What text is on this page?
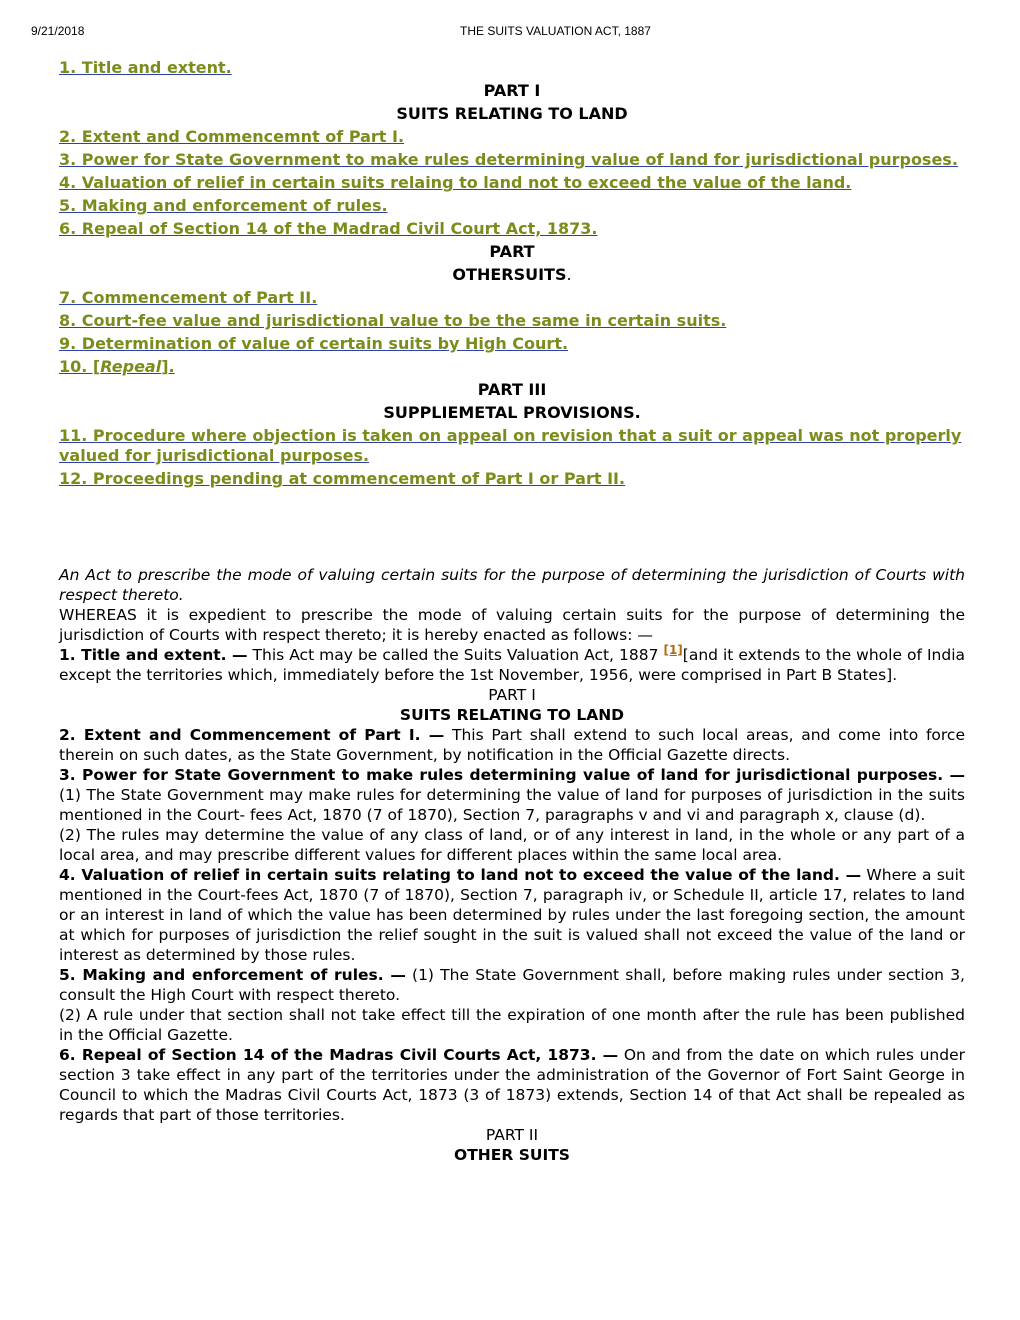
9/21/2018	THE SUITS VALUATION ACT, 1887
1. Title and extent.
PART I
SUITS RELATING TO LAND
2. Extent and Commencemnt of Part I.
3. Power for State Government to make rules determining value of land for jurisdictional purposes.
4. Valuation of relief in certain suits relaing to land not to exceed the value of the land.
5. Making and enforcement of rules.
6. Repeal of Section 14 of the Madrad Civil Court Act, 1873.
PART
OTHERSUITS.
7. Commencement of Part II.
8. Court-fee value and jurisdictional value to be the same in certain suits.
9. Determination of value of certain suits by High Court.
10. [Repeal].
PART III
SUPPLIEMETAL PROVISIONS.
11. Procedure where objection is taken on appeal on revision that a suit or appeal was not properly valued for jurisdictional purposes.
12. Proceedings pending at commencement of Part I or Part II.

An Act to prescribe the mode of valuing certain suits for the purpose of determining the jurisdiction of Courts with respect thereto.

WHEREAS it is expedient to prescribe the mode of valuing certain suits for the purpose of determining the jurisdiction of Courts with respect thereto; it is hereby enacted as follows: —

1. Title and extent. — This Act may be called the Suits Valuation Act, 1887 [1][and it extends to the whole of India except the territories which, immediately before the 1st November, 1956, were comprised in Part B States].

PART I

SUITS RELATING TO LAND

2. Extent and Commencement of Part I. — This Part shall extend to such local areas, and come into force therein on such dates, as the State Government, by notification in the Official Gazette directs.

3. Power for State Government to make rules determining value of land for jurisdictional purposes. — (1) The State Government may make rules for determining the value of land for purposes of jurisdiction in the suits mentioned in the Court- fees Act, 1870 (7 of 1870), Section 7, paragraphs v and vi and paragraph x, clause (d).

(2) The rules may determine the value of any class of land, or of any interest in land, in the whole or any part of a local area, and may prescribe different values for different places within the same local area.

4. Valuation of relief in certain suits relating to land not to exceed the value of the land. — Where a suit mentioned in the Court-fees Act, 1870 (7 of 1870), Section 7, paragraph iv, or Schedule II, article 17, relates to land or an interest in land of which the value has been determined by rules under the last foregoing section, the amount at which for purposes of jurisdiction the relief sought in the suit is valued shall not exceed the value of the land or interest as determined by those rules.

5. Making and enforcement of rules. — (1) The State Government shall, before making rules under section 3, consult the High Court with respect thereto.

(2) A rule under that section shall not take effect till the expiration of one month after the rule has been published in the Official Gazette.

6. Repeal of Section 14 of the Madras Civil Courts Act, 1873. — On and from the date on which rules under section 3 take effect in any part of the territories under the administration of the Governor of Fort Saint George in Council to which the Madras Civil Courts Act, 1873 (3 of 1873) extends, Section 14 of that Act shall be repealed as regards that part of those territories.

PART II

OTHER SUITS
